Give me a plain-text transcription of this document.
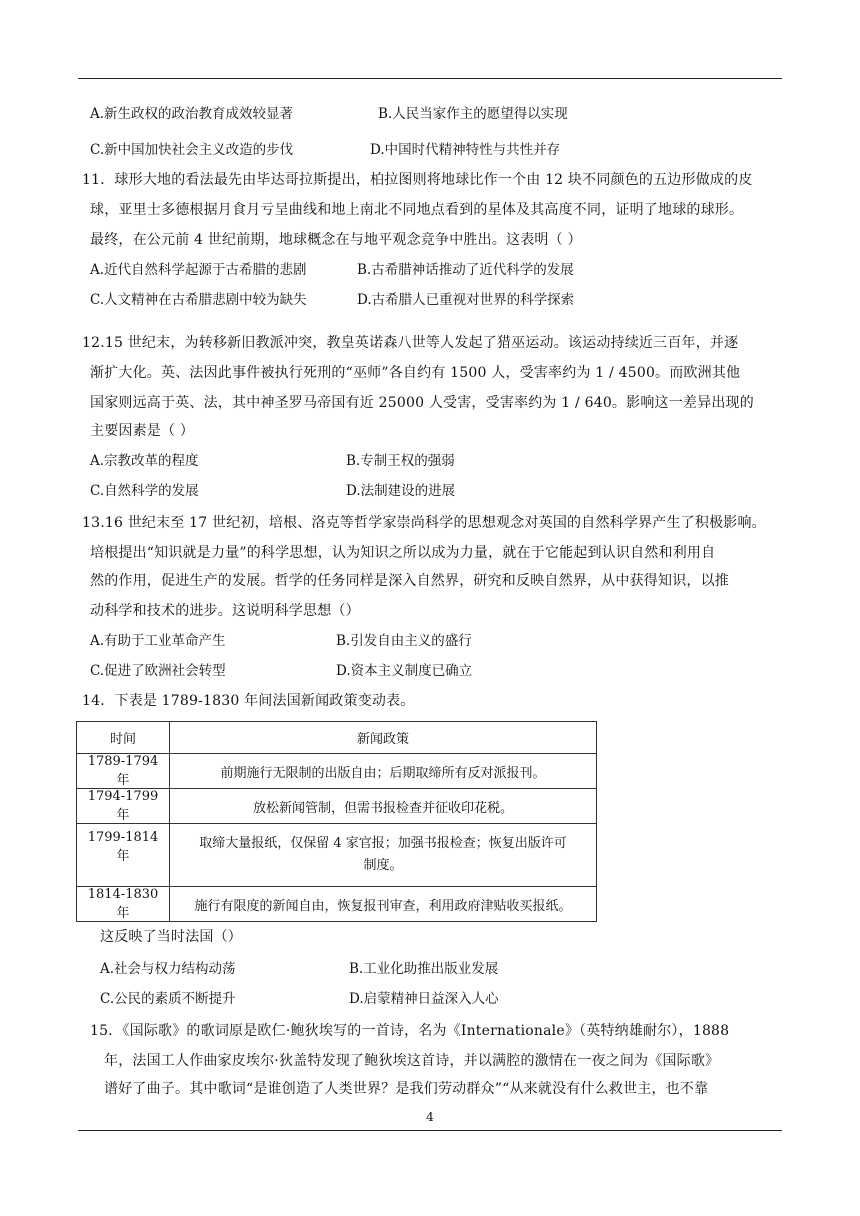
A.新生政权的政治教育成效较显著	B.人民当家作主的愿望得以实现
C.新中国加快社会主义改造的步伐	D.中国时代精神特性与共性并存
11．球形大地的看法最先由毕达哥拉斯提出，柏拉图则将地球比作一个由 12 块不同颜色的五边形做成的皮
球，亚里士多德根据月食月亏呈曲线和地上南北不同地点看到的星体及其高度不同，证明了地球的球形。
最终，在公元前 4 世纪前期，地球概念在与地平观念竞争中胜出。这表明（ ）
A.近代自然科学起源于古希腊的悲剧	B.古希腊神话推动了近代科学的发展
C.人文精神在古希腊悲剧中较为缺失	D.古希腊人已重视对世界的科学探索
12.15 世纪末，为转移新旧教派冲突，教皇英诺森八世等人发起了猎巫运动。该运动持续近三百年，并逐
渐扩大化。英、法因此事件被执行死刑的“巫师”各自约有 1500 人，受害率约为 1 / 4500。而欧洲其他
国家则远高于英、法，其中神圣罗马帝国有近 25000 人受害，受害率约为 1 / 640。影响这一差异出现的
主要因素是（ ）
A.宗教改革的程度	B.专制王权的强弱
C.自然科学的发展	D.法制建设的进展
13.16 世纪末至 17 世纪初，培根、洛克等哲学家崇尚科学的思想观念对英国的自然科学界产生了积极影响。
培根提出“知识就是力量”的科学思想，认为知识之所以成为力量，就在于它能起到认识自然和利用自
然的作用，促进生产的发展。哲学的任务同样是深入自然界，研究和反映自然界，从中获得知识，以推
动科学和技术的进步。这说明科学思想（）
A.有助于工业革命产生	B.引发自由主义的盛行
C.促进了欧洲社会转型	D.资本主义制度已确立
14．下表是 1789-1830 年间法国新闻政策变动表。
时间	新闻政策
1789-1794 年	前期施行无限制的出版自由；后期取缔所有反对派报刊。
1794-1799 年	放松新闻管制，但需书报检查并征收印花税。
1799-1814 年	取缔大量报纸，仅保留 4 家官报；加强书报检查；恢复出版许可
制度。

1814-1830 年	施行有限度的新闻自由，恢复报刊审查，利用政府津贴收买报纸。
这反映了当时法国（）
A.社会与权力结构动荡	B.工业化助推出版业发展
C.公民的素质不断提升	D.启蒙精神日益深入人心
15．《国际歌》的歌词原是欧仁·鲍狄埃写的一首诗，名为《Internationale》（英特纳雄耐尔），1888
年，法国工人作曲家皮埃尔·狄盖特发现了鲍狄埃这首诗，并以满腔的激情在一夜之间为《国际歌》
谱好了曲子。其中歌词“是谁创造了人类世界？是我们劳动群众”“从来就没有什么救世主，也不靠
4
